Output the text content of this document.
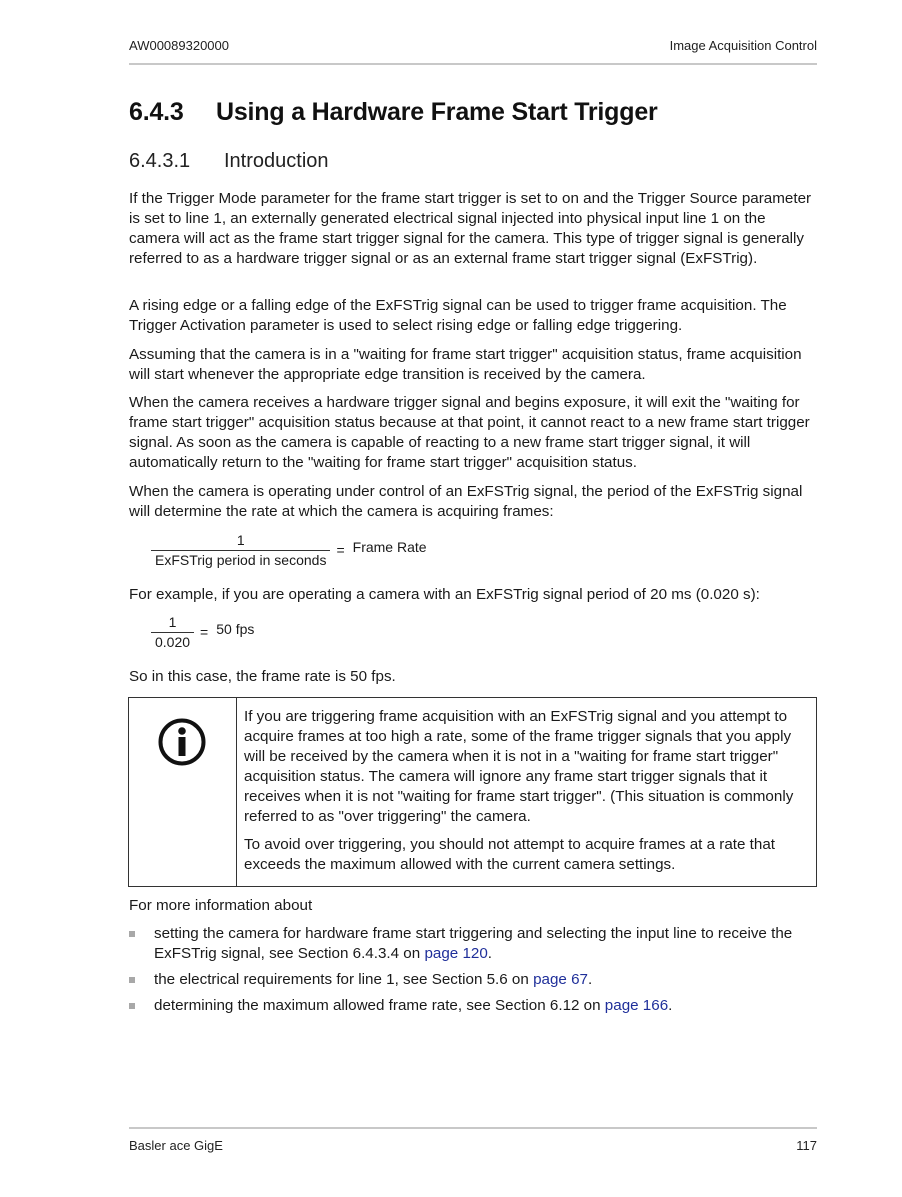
AW00089320000	Image Acquisition Control
6.4.3	Using a Hardware Frame Start Trigger
6.4.3.1	Introduction

If the Trigger Mode parameter for the frame start trigger is set to on and the Trigger Source parameter is set to line 1, an externally generated electrical signal injected into physical input line 1 on the camera will act as the frame start trigger signal for the camera. This type of trigger signal is generally referred to as a hardware trigger signal or as an external frame start trigger signal (ExFSTrig).

A rising edge or a falling edge of the ExFSTrig signal can be used to trigger frame acquisition. The Trigger Activation parameter is used to select rising edge or falling edge triggering.

Assuming that the camera is in a "waiting for frame start trigger" acquisition status, frame acquisition will start whenever the appropriate edge transition is received by the camera.

When the camera receives a hardware trigger signal and begins exposure, it will exit the "waiting for frame start trigger" acquisition status because at that point, it cannot react to a new frame start trigger signal. As soon as the camera is capable of reacting to a new frame start trigger signal, it will automatically return to the "waiting for frame start trigger" acquisition status.

When the camera is operating under control of an ExFSTrig signal, the period of the ExFSTrig signal will determine the rate at which the camera is acquiring frames:

$\frac{1}{\text{ExFSTrig period in seconds}}$ = Frame Rate

For example, if you are operating a camera with an ExFSTrig signal period of 20 ms (0.020 s):

$\frac{1}{0.020} = 50$ fps

So in this case, the frame rate is 50 fps.

If you are triggering frame acquisition with an ExFSTrig signal and you attempt to acquire frames at too high a rate, some of the frame trigger signals that you apply will be received by the camera when it is not in a "waiting for frame start trigger" acquisition status. The camera will ignore any frame start trigger signals that it receives when it is not "waiting for frame start trigger". (This situation is commonly referred to as "over triggering" the camera.

To avoid over triggering, you should not attempt to acquire frames at a rate that exceeds the maximum allowed with the current camera settings.

For more information about

setting the camera for hardware frame start triggering and selecting the input line to receive the ExFSTrig signal, see Section 6.4.3.4 on page 120.
the electrical requirements for line 1, see Section 5.6 on page 67.
determining the maximum allowed frame rate, see Section 6.12 on page 166.
Basler ace GigE	117
